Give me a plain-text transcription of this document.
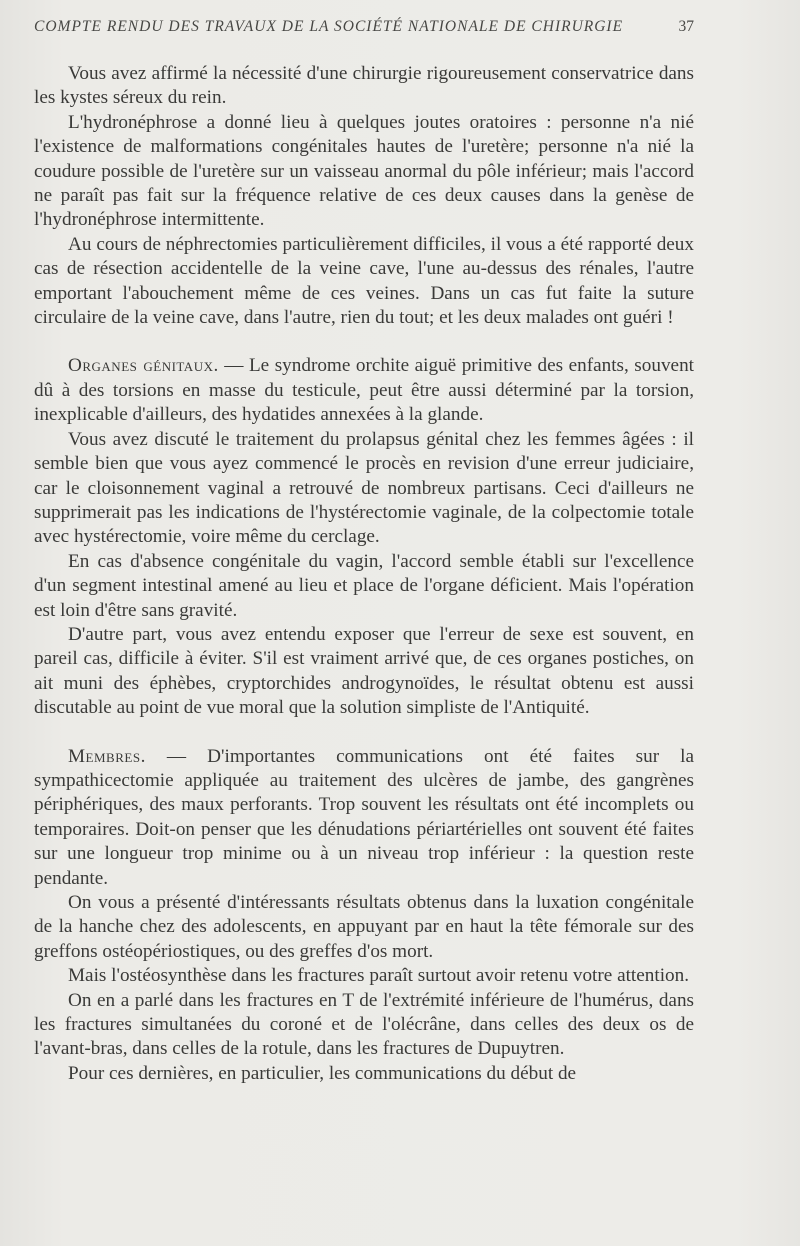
COMPTE RENDU DES TRAVAUX DE LA SOCIÉTÉ NATIONALE DE CHIRURGIE	37

Vous avez affirmé la nécessité d'une chirurgie rigoureusement conservatrice dans les kystes séreux du rein.

L'hydronéphrose a donné lieu à quelques joutes oratoires : personne n'a nié l'existence de malformations congénitales hautes de l'uretère; personne n'a nié la coudure possible de l'uretère sur un vaisseau anormal du pôle inférieur; mais l'accord ne paraît pas fait sur la fréquence relative de ces deux causes dans la genèse de l'hydronéphrose intermittente.

Au cours de néphrectomies particulièrement difficiles, il vous a été rapporté deux cas de résection accidentelle de la veine cave, l'une au-dessus des rénales, l'autre emportant l'abouchement même de ces veines. Dans un cas fut faite la suture circulaire de la veine cave, dans l'autre, rien du tout; et les deux malades ont guéri !

Organes génitaux. — Le syndrome orchite aiguë primitive des enfants, souvent dû à des torsions en masse du testicule, peut être aussi déterminé par la torsion, inexplicable d'ailleurs, des hydatides annexées à la glande.

Vous avez discuté le traitement du prolapsus génital chez les femmes âgées : il semble bien que vous ayez commencé le procès en revision d'une erreur judiciaire, car le cloisonnement vaginal a retrouvé de nombreux partisans. Ceci d'ailleurs ne supprimerait pas les indications de l'hystérectomie vaginale, de la colpectomie totale avec hystérectomie, voire même du cerclage.

En cas d'absence congénitale du vagin, l'accord semble établi sur l'excellence d'un segment intestinal amené au lieu et place de l'organe déficient. Mais l'opération est loin d'être sans gravité.

D'autre part, vous avez entendu exposer que l'erreur de sexe est souvent, en pareil cas, difficile à éviter. S'il est vraiment arrivé que, de ces organes postiches, on ait muni des éphèbes, cryptorchides androgynoïdes, le résultat obtenu est aussi discutable au point de vue moral que la solution simpliste de l'Antiquité.

Membres. — D'importantes communications ont été faites sur la sympathicectomie appliquée au traitement des ulcères de jambe, des gangrènes périphériques, des maux perforants. Trop souvent les résultats ont été incomplets ou temporaires. Doit-on penser que les dénudations périartérielles ont souvent été faites sur une longueur trop minime ou à un niveau trop inférieur : la question reste pendante.

On vous a présenté d'intéressants résultats obtenus dans la luxation congénitale de la hanche chez des adolescents, en appuyant par en haut la tête fémorale sur des greffons ostéopériostiques, ou des greffes d'os mort.

Mais l'ostéosynthèse dans les fractures paraît surtout avoir retenu votre attention.

On en a parlé dans les fractures en T de l'extrémité inférieure de l'humérus, dans les fractures simultanées du coroné et de l'olécrâne, dans celles des deux os de l'avant-bras, dans celles de la rotule, dans les fractures de Dupuytren.

Pour ces dernières, en particulier, les communications du début de
